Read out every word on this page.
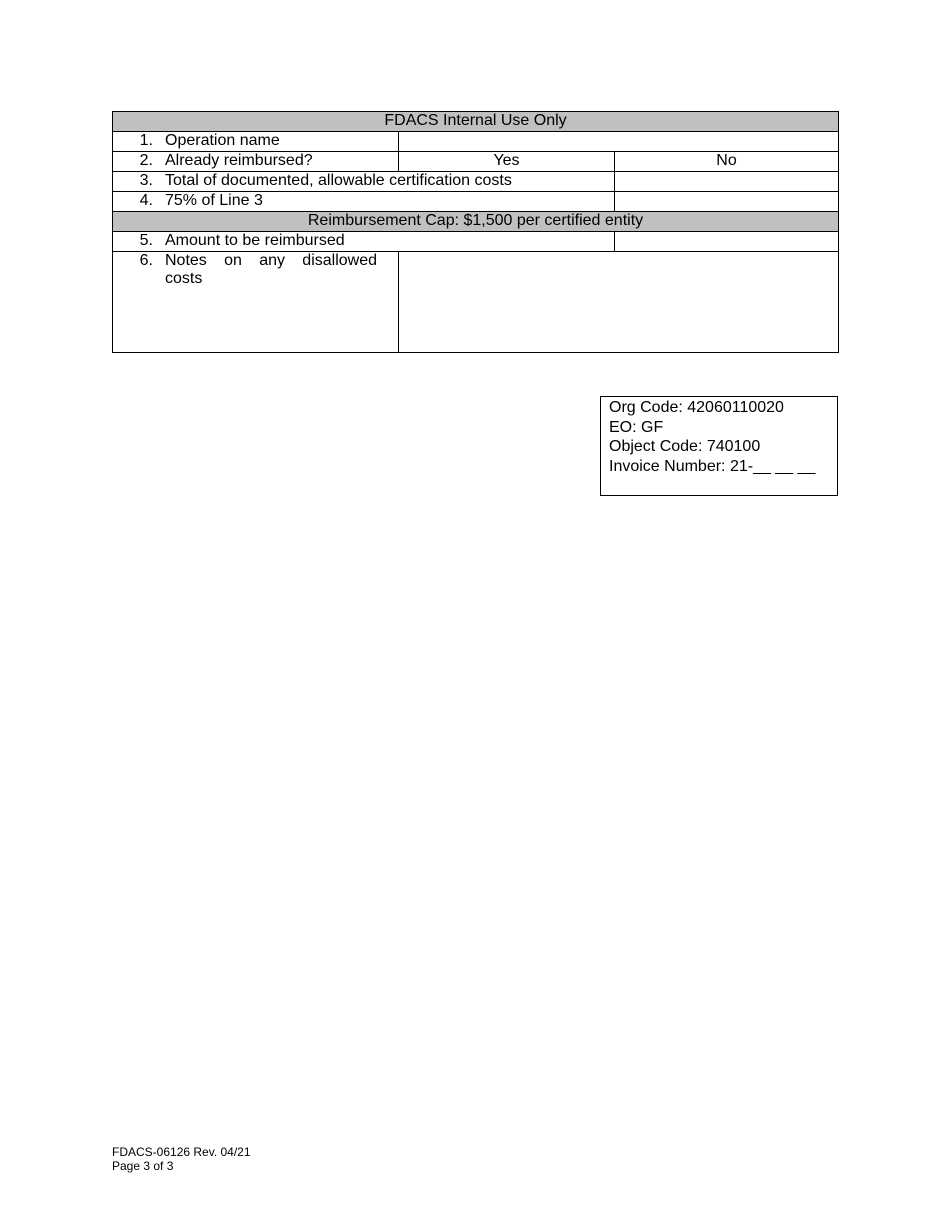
FDACS Internal Use Only		
1. Operation name		
2. Already reimbursed?	Yes	No
3. Total of documented, allowable certification costs		
4. 75% of Line 3		
Reimbursement Cap: $1,500 per certified entity		
5. Amount to be reimbursed		
6. Notes on any disallowed costs		
Org Code: 42060110020
EO: GF
Object Code: 740100
Invoice Number: 21-__ __ __
FDACS-06126 Rev. 04/21
Page 3 of 3
